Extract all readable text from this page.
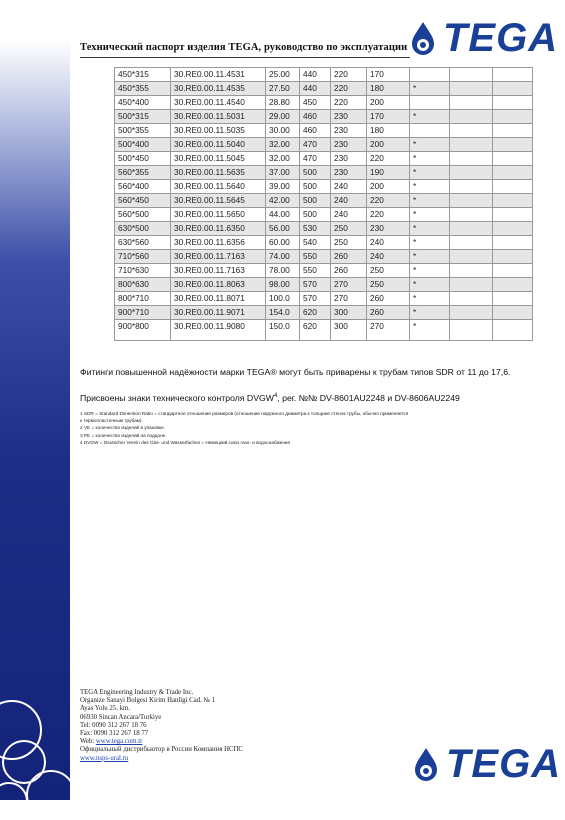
Технический паспорт изделия TEGA, руководство по эксплуатации TEGA
450*315	30.RE0.00.11.4531	25.00	440	220	170			
450*355	30.RE0.00.11.4535	27.50	440	220	180	*		
450*400	30.RE0.00.11.4540	28.80	450	220	200			
500*315	30.RE0.00.11.5031	29.00	460	230	170	*		
500*355	30.RE0.00.11.5035	30.00	460	230	180			
500*400	30.RE0.00.11.5040	32.00	470	230	200	*		
500*450	30.RE0.00.11.5045	32.00	470	230	220	*		
560*355	30.RE0.00.11.5635	37.00	500	230	190	*		
560*400	30.RE0.00.11.5640	39.00	500	240	200	*		
560*450	30.RE0.00.11.5645	42.00	500	240	220	*		
560*500	30.RE0.00.11.5650	44.00	500	240	220	*		
630*500	30.RE0.00.11.6350	56.00	530	250	230	*		
630*560	30.RE0.00.11.6356	60.00	540	250	240	*		
710*560	30.RE0.00.11.7163	74.00	550	260	240	*		
710*630	30.RE0.00.11.7163	78.00	550	260	250	*		
800*630	30.RE0.00.11.8063	98.00	570	270	250	*		
800*710	30.RE0.00.11.8071	100.0	570	270	260	*		
900*710	30.RE0.00.11.9071	154.0	620	300	260	*		
900*800	30.RE0.00.11.9080	150.0	620	300	270	*		
Фитинги повышенной надёжности марки TEGA® могут быть приварены к трубам типов SDR от 11 до 17,6.
Присвоены знаки технического контроля DVGW$^4$, рег. №№ DV-8601AU2248 и DV-8606AU2249
1 SDR = Standard Dimention Ratio = стандартное отношение размеров (отношение наружного диаметра к толщине стенок трубы, обычно применяется
к термопластичным трубам).
2 VE = количество изделий в упаковке.
3 PE = количество изделий на поддоне.
4 DVGW = Deutscher Verein des Gas- und Wasserfaches = Немецкий союз газо- и водоснабжения
TEGA Engineering Industry & Trade Inc.
Organize Sanayi Bolgesi Kirim Hanligi Cad. № 1
Ayas Yolu 25. km.
06930 Sincan Ancara/Turkiye
Tel: 0090 312 267 18 76
Fax: 0090 312 267 18 77
Web: www.tega.com.tr
Официальный дистрибьютор в России Компания НСПС
www.nsps-ural.ru	TEGA
